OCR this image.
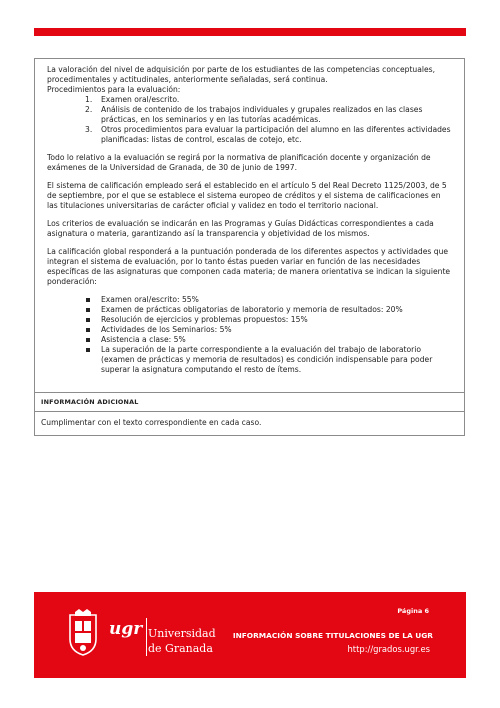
La valoración del nivel de adquisición por parte de los estudiantes de las competencias conceptuales, procedimentales y actitudinales, anteriormente señaladas, será continua.

Procedimientos para la evaluación:

1. Examen oral/escrito.
2. Análisis de contenido de los trabajos individuales y grupales realizados en las clases prácticas, en los seminarios y en las tutorías académicas.
3. Otros procedimientos para evaluar la participación del alumno en las diferentes actividades planificadas: listas de control, escalas de cotejo, etc.

Todo lo relativo a la evaluación se regirá por la normativa de planificación docente y organización de exámenes de la Universidad de Granada, de 30 de junio de 1997.

El sistema de calificación empleado será el establecido en el artículo 5 del Real Decreto 1125/2003, de 5 de septiembre, por el que se establece el sistema europeo de créditos y el sistema de calificaciones en las titulaciones universitarias de carácter oficial y validez en todo el territorio nacional.

Los criterios de evaluación se indicarán en las Programas y Guías Didácticas correspondientes a cada asignatura o materia, garantizando así la transparencia y objetividad de los mismos.

La calificación global responderá a la puntuación ponderada de los diferentes aspectos y actividades que integran el sistema de evaluación, por lo tanto éstas pueden variar en función de las necesidades específicas de las asignaturas que componen cada materia; de manera orientativa se indican la siguiente ponderación:

Examen oral/escrito: 55%
Examen de prácticas obligatorias de laboratorio y memoria de resultados: 20%
Resolución de ejercicios y problemas propuestos: 15%
Actividades de los Seminarios: 5%
Asistencia a clase: 5%
La superación de la parte correspondiente a la evaluación del trabajo de laboratorio (examen de prácticas y memoria de resultados) es condición indispensable para poder superar la asignatura computando el resto de ítems.
INFORMACIÓN ADICIONAL
Cumplimentar con el texto correspondiente en cada caso.
ugr Universidad
de Granada
Página 6
INFORMACIÓN SOBRE TITULACIONES DE LA UGR
http://grados.ugr.es
